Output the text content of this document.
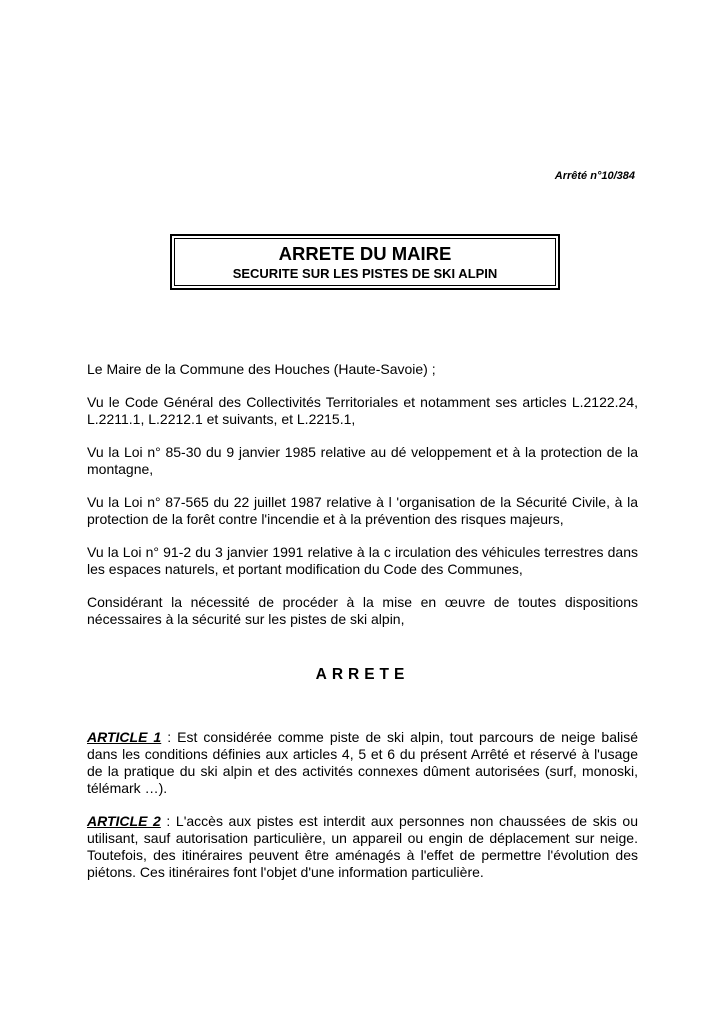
Arrêté n°10/384
ARRETE DU MAIRE
SECURITE SUR LES PISTES DE SKI ALPIN

Le Maire de la Commune des Houches (Haute-Savoie) ;

Vu le Code Général des Collectivités Territoriales et notamment ses articles L.2122.24, L.2211.1, L.2212.1 et suivants, et L.2215.1,

Vu la Loi n° 85-30 du 9 janvier 1985 relative au dé veloppement et à la protection de la montagne,

Vu la Loi n° 87-565 du 22 juillet 1987 relative à l 'organisation de la Sécurité Civile, à la protection de la forêt contre l'incendie et à la prévention des risques majeurs,

Vu la Loi n° 91-2 du 3 janvier 1991 relative à la c irculation des véhicules terrestres dans les espaces naturels, et portant modification du Code des Communes,

Considérant la nécessité de procéder à la mise en œuvre de toutes dispositions nécessaires à la sécurité sur les pistes de ski alpin,

ARRETE

ARTICLE 1 : Est considérée comme piste de ski alpin, tout parcours de neige balisé dans les conditions définies aux articles 4, 5 et 6 du présent Arrêté et réservé à l'usage de la pratique du ski alpin et des activités connexes dûment autorisées (surf, monoski, télémark …).

ARTICLE 2 : L'accès aux pistes est interdit aux personnes non chaussées de skis ou utilisant, sauf autorisation particulière, un appareil ou engin de déplacement sur neige. Toutefois, des itinéraires peuvent être aménagés à l'effet de permettre l'évolution des piétons. Ces itinéraires font l'objet d'une information particulière.
